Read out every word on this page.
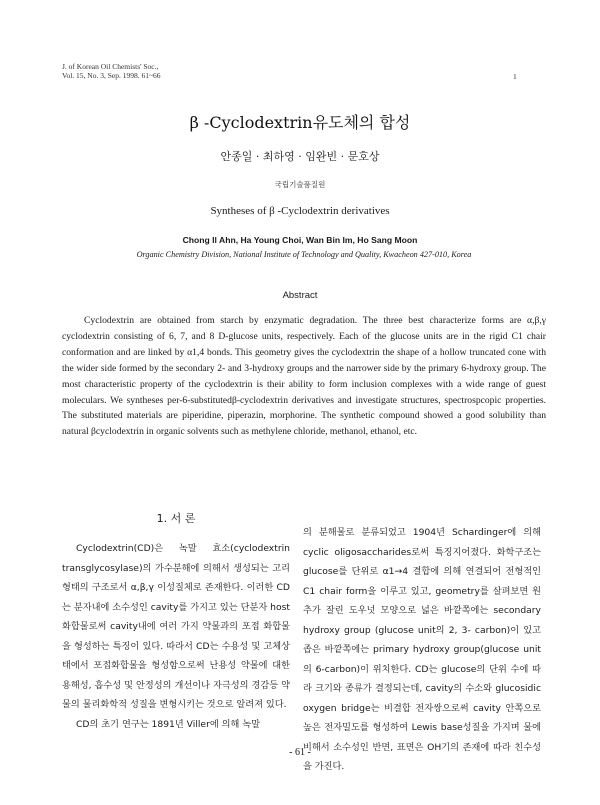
J. of Korean Oil Chemists' Soc.,
Vol. 15, No. 3, Sep. 1998. 61~66	1
β -Cyclodextrin유도체의 합성
안종일 · 최하영 · 임완빈 · 문호상
국립기술품질원
Syntheses of β -Cyclodextrin derivatives
Chong Il Ahn, Ha Young Choi, Wan Bin Im, Ho Sang Moon
Organic Chemistry Division, National Institute of Technology and Quality, Kwacheon 427-010, Korea
Abstract

Cyclodextrin are obtained from starch by enzymatic degradation. The three best characterize forms are α,β,γ cyclodextrin consisting of 6, 7, and 8 D-glucose units, respectively. Each of the glucose units are in the rigid C1 chair conformation and are linked by α1,4 bonds. This geometry gives the cyclodextrin the shape of a hollow truncated cone with the wider side formed by the secondary 2- and 3-hydroxy groups and the narrower side by the primary 6-hydroxy group. The most characteristic property of the cyclodextrin is their ability to form inclusion complexes with a wide range of guest moleculars. We syntheses per-6-substitutedβ-cyclodextrin derivatives and investigate structures, spectrospcopic properties. The substituted materials are piperidine, piperazin, morphorine. The synthetic compound showed a good solubility than natural βcyclodextrin in organic solvents such as methylene chloride, methanol, ethanol, etc.

1. 서 론

Cyclodextrin(CD)은 녹말 효소(cyclodextrin transglycosylase)의 가수분해에 의해서 생성되는 고리형태의 구조로서 α,β,γ 이성질체로 존재한다. 이러한 CD는 분자내에 소수성인 cavity를 가지고 있는 단분자 host 화합물로써 cavity내에 여러 가지 약물과의 포접 화합물을 형성하는 특징이 있다. 따라서 CD는 수용성 및 고체상태에서 포접화합물을 형성함으로써 난용성 약물에 대한 용해성, 흡수성 및 안정성의 개선이나 자극성의 경감등 약물의 물리화학적 성질을 변형시키는 것으로 알려져 있다.

CD의 초기 연구는 1891년 Viller에 의해 녹말

의 분해물로 분류되었고 1904년 Schardinger에 의해 cyclic oligosaccharides로써 특징지어졌다. 화학구조는 glucose를 단위로 α1→4 결합에 의해 연결되어 전형적인 C1 chair form을 이루고 있고, geometry를 살펴보면 원추가 잘린 도우넛 모양으로 넓은 바깥쪽에는 secondary hydroxy group (glucose unit의 2, 3- carbon)이 있고 좁은 바깥쪽에는 primary hydroxy group(glucose unit의 6-carbon)이 위치한다. CD는 glucose의 단위 수에 따라 크기와 종류가 결정되는데, cavity의 수소와 glucosidic oxygen bridge는 비결합 전자쌍으로써 cavity 안쪽으로 높은 전자밀도를 형성하여 Lewis base성질을 가지며 물에 비해서 소수성인 반면, 표면은 OH기의 존재에 따라 친수성을 가진다.

- 61 -
